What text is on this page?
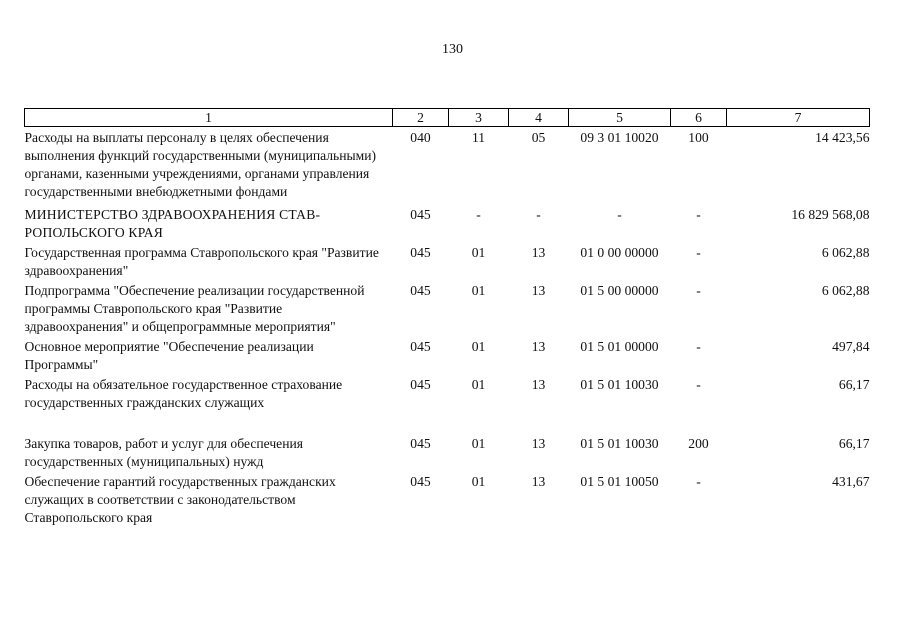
130
1	2	3	4	5	6	7
Расходы на выплаты персоналу в целях обеспечения выполнения функций государственными (муниципальными) органами, казенными учреждениями, органами управления государственными внебюджетными фондами	040	11	05	09 3 01 10020	100	14 423,56
МИНИСТЕРСТВО ЗДРАВООХРАНЕНИЯ СТАВ-РОПОЛЬСКОГО КРАЯ	045	-	-	-	-	16 829 568,08
Государственная программа Ставропольского края "Развитие здравоохранения"	045	01	13	01 0 00 00000	-	6 062,88
Подпрограмма "Обеспечение реализации государственной программы Ставропольского края "Развитие здравоохранения" и общепрограммные мероприятия"	045	01	13	01 5 00 00000	-	6 062,88
Основное мероприятие "Обеспечение реализации Программы"	045	01	13	01 5 01 00000	-	497,84
Расходы на обязательное государственное страхование государственных гражданских служащих	045	01	13	01 5 01 10030	-	66,17
Закупка товаров, работ и услуг для обеспечения государственных (муниципальных) нужд	045	01	13	01 5 01 10030	200	66,17
Обеспечение гарантий государственных гражданских служащих в соответствии с законодательством Ставропольского края	045	01	13	01 5 01 10050	-	431,67
